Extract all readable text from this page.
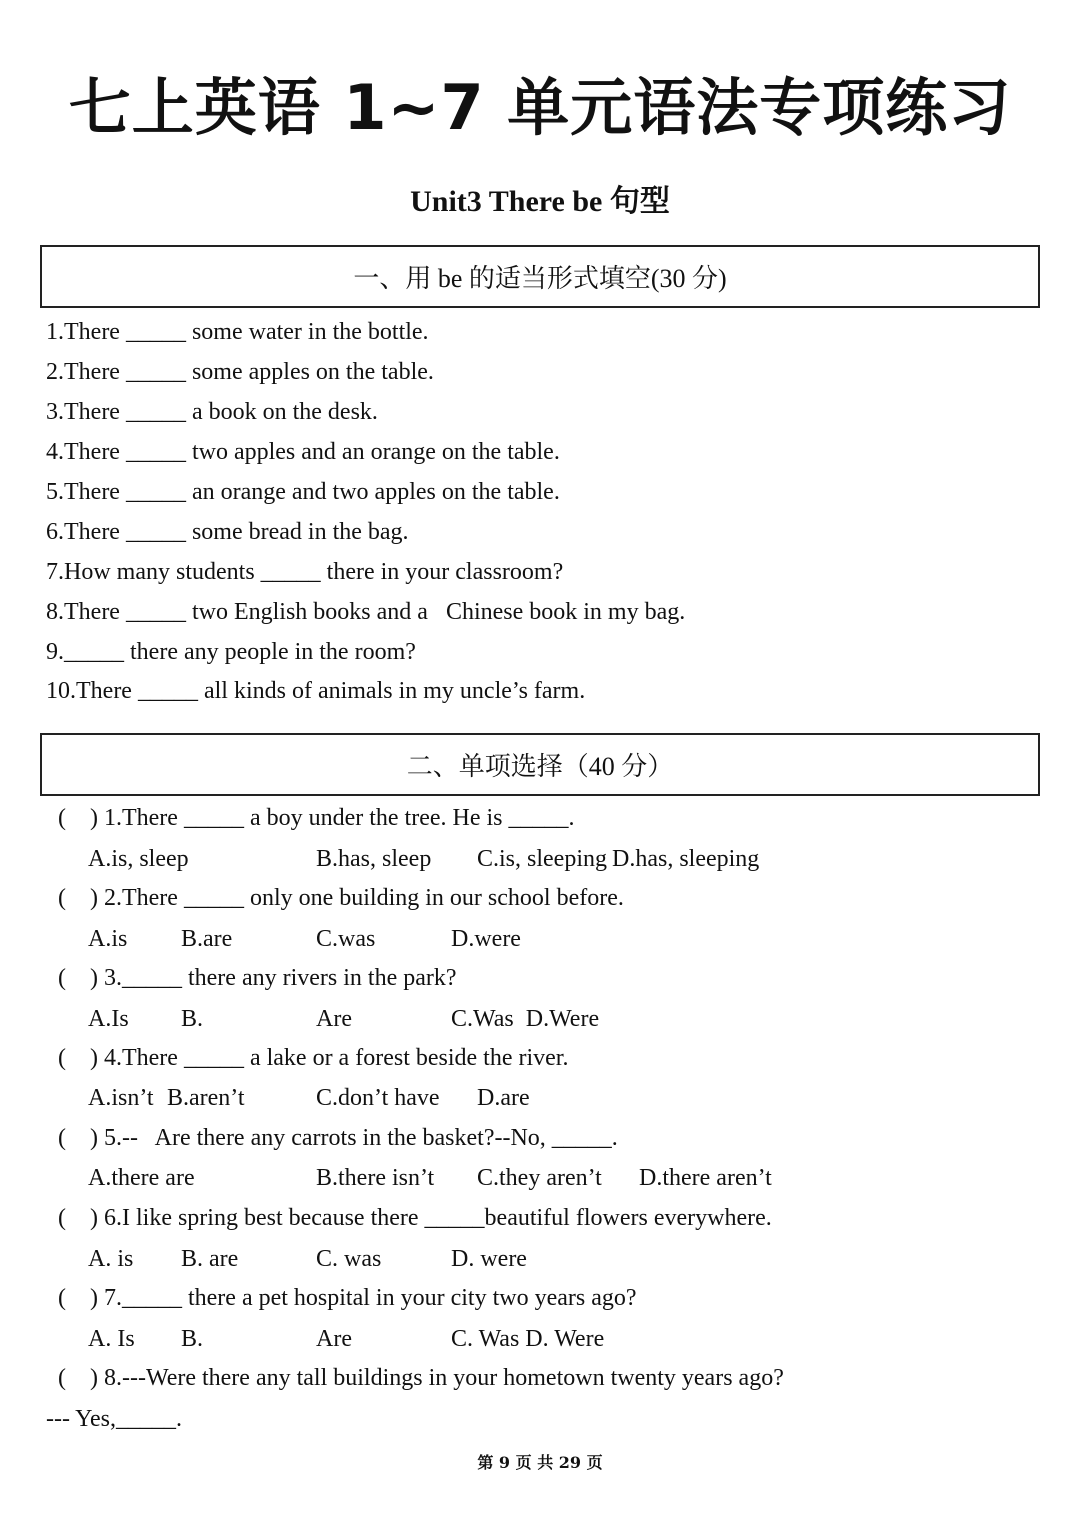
七上英语 1~7 单元语法专项练习
Unit3 There be 句型
一、用 be 的适当形式填空(30 分)
1.There _____ some water in the bottle.
2.There _____ some apples on the table.
3.There _____ a book on the desk.
4.There _____ two apples and an orange on the table.
5.There _____ an orange and two apples on the table.
6.There _____ some bread in the bag.
7.How many students _____ there in your classroom?
8.There _____ two English books and a   Chinese book in my bag.
9._____ there any people in the room?
10.There _____ all kinds of animals in my uncle’s farm.
二、单项选择（40 分）
(    ) 1.There _____ a boy under the tree. He is _____.
A.is, sleep	B.has, sleep C.is, sleeping D.has, sleeping
(    ) 2.There _____ only one building in our school before.
A.is B.are	C.was	D.were
(    ) 3._____ there any rivers in the park?
A.Is B.	Are	C.Was  D.Were
(    ) 4.There _____ a lake or a forest beside the river.
A.isn’t B.aren’t	C.don’t have D.are
(    ) 5.--   Are there any carrots in the basket?--No, _____.
A.there are	B.there isn’t C.they aren’t D.there aren’t
(    ) 6.I like spring best because there _____beautiful flowers everywhere.
A. is B. are	C. was	D. were
(    ) 7._____ there a pet hospital in your city two years ago?
A. Is B.	Are	C. Was D. Were
(    ) 8.---Were there any tall buildings in your hometown twenty years ago?
--- Yes,_____.
第 9 页 共 29 页
